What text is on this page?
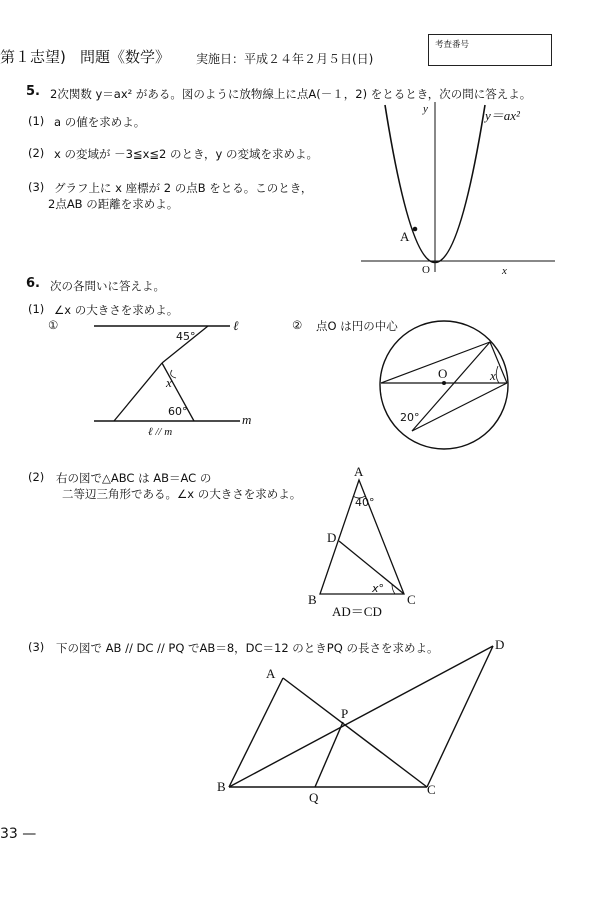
第１志望) 問題《数学》 実施日：平成２４年２月５日(日)
考査番号
5. 2次関数 y＝ax² がある。図のように放物線上に点A(－１，2) をとるとき，次の問に答えよ。
(1) a の値を求めよ。
(2) x の変域が －3≦x≦2 のとき，y の変域を求めよ。
(3) グラフ上に x 座標が 2 の点B をとる。このとき，
2点AB の距離を求めよ。
y	y＝ax²
A
O	x
6. 次の各問いに答えよ。
(1) ∠x の大きさを求めよ。
①	② 点O は円の中心
45°
x
60°
ℓ
m
ℓ // m
O	x
20°
(2) 右の図で△ABC は AB＝AC の
二等辺三角形である。∠x の大きさを求めよ。
A
40°
D
x°
B	C
AD＝CD
(3) 下の図で AB // DC // PQ でAB＝8，DC＝12 のときPQ の長さを求めよ。
A
B	C
D
P
Q
33 —
